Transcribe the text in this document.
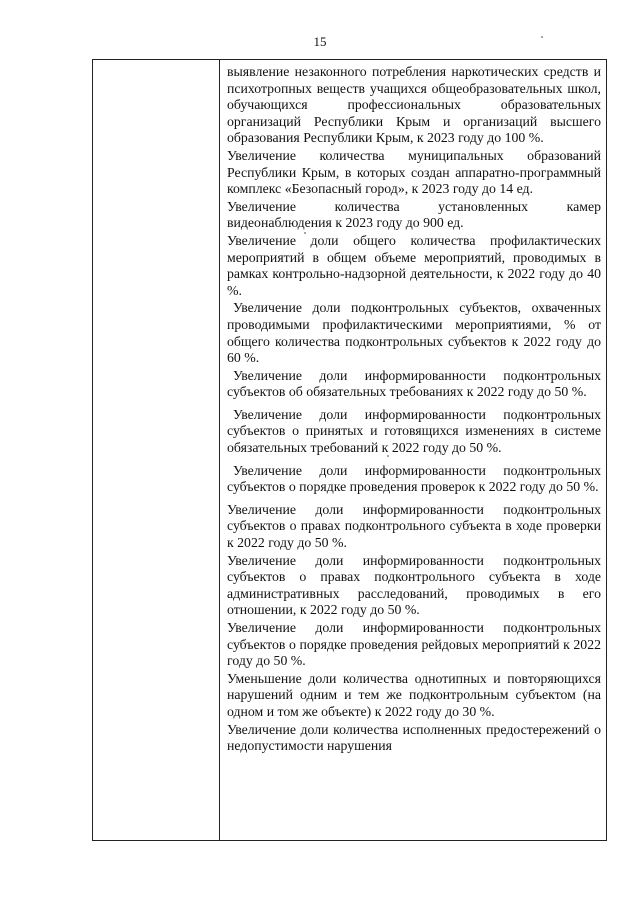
15

выявление незаконного потребления наркотических средств и психотропных веществ учащихся общеобразовательных школ, обучающихся профессиональных образовательных организаций Республики Крым и организаций высшего образования Республики Крым, к 2023 году до 100 %.

Увеличение количества муниципальных образований Республики Крым, в которых создан аппаратно-программный комплекс «Безопасный город», к 2023 году до 14 ед.

Увеличение количества установленных камер видеонаблюдения к 2023 году до 900 ед.

Увеличение доли общего количества профилактических мероприятий в общем объеме мероприятий, проводимых в рамках контрольно-надзорной деятельности, к 2022 году до 40 %.

Увеличение доли подконтрольных субъектов, охваченных проводимыми профилактическими мероприятиями, % от общего количества подконтрольных субъектов к 2022 году до 60 %.

Увеличение доли информированности подконтрольных субъектов об обязательных требованиях к 2022 году до 50 %.

Увеличение доли информированности подконтрольных субъектов о принятых и готовящихся изменениях в системе обязательных требований к 2022 году до 50 %.

Увеличение доли информированности подконтрольных субъектов о порядке проведения проверок к 2022 году до 50 %.

Увеличение доли информированности подконтрольных субъектов о правах подконтрольного субъекта в ходе проверки к 2022 году до 50 %.

Увеличение доли информированности подконтрольных субъектов о правах подконтрольного субъекта в ходе административных расследований, проводимых в его отношении, к 2022 году до 50 %.

Увеличение доли информированности подконтрольных субъектов о порядке проведения рейдовых мероприятий к 2022 году до 50 %.

Уменьшение доли количества однотипных и повторяющихся нарушений одним и тем же подконтрольным субъектом (на одном и том же объекте) к 2022 году до 30 %.

Увеличение доли количества исполненных предостережений о недопустимости нарушения
